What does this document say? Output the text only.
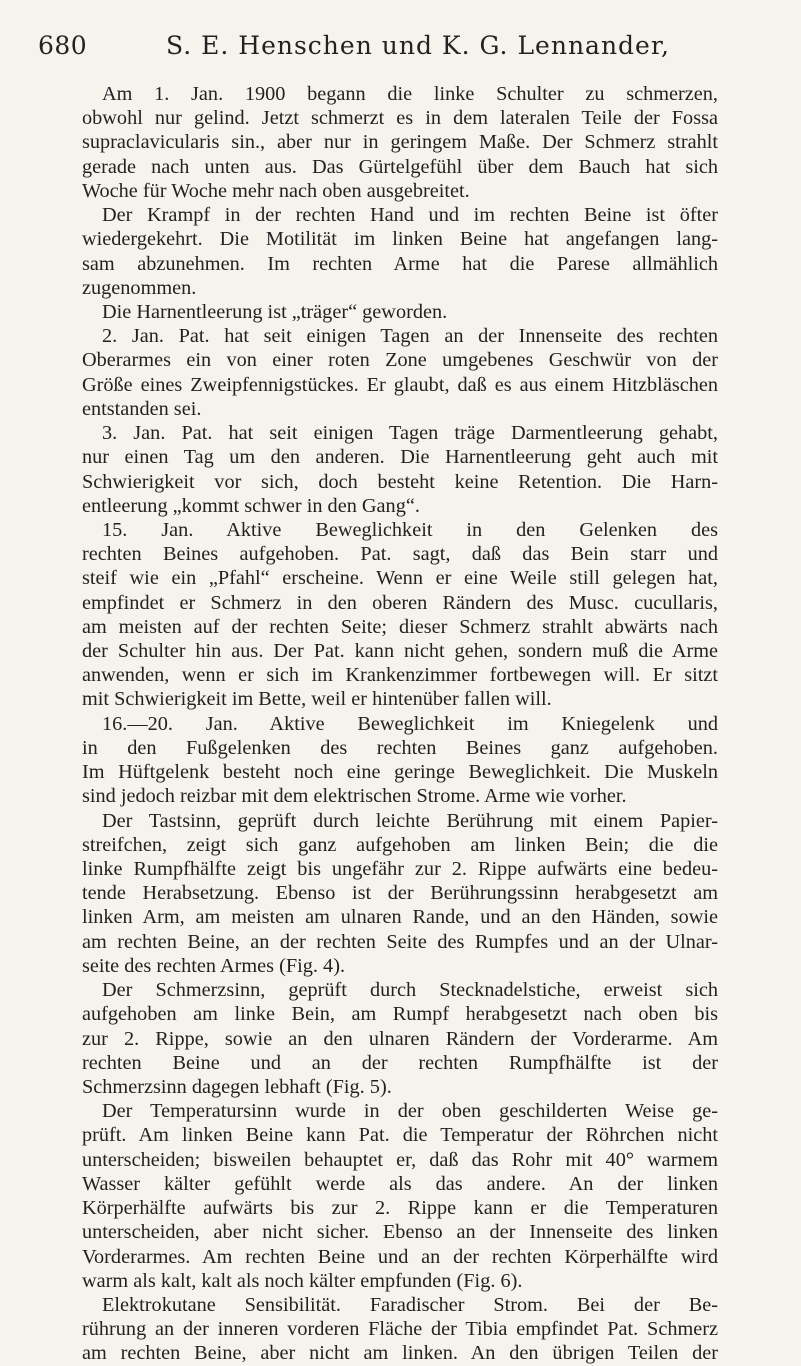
680	S. E. Henschen und K. G. Lennander,
Am 1. Jan. 1900 begann die linke Schulter zu schmerzen,
obwohl nur gelind. Jetzt schmerzt es in dem lateralen Teile der Fossa
supraclavicularis sin., aber nur in geringem Maße. Der Schmerz strahlt
gerade nach unten aus. Das Gürtelgefühl über dem Bauch hat sich
Woche für Woche mehr nach oben ausgebreitet.
Der Krampf in der rechten Hand und im rechten Beine ist öfter
wiedergekehrt. Die Motilität im linken Beine hat angefangen lang-
sam abzunehmen. Im rechten Arme hat die Parese allmählich
zugenommen.
Die Harnentleerung ist „träger“ geworden.
2. Jan. Pat. hat seit einigen Tagen an der Innenseite des rechten
Oberarmes ein von einer roten Zone umgebenes Geschwür von der
Größe eines Zweipfennigstückes. Er glaubt, daß es aus einem Hitzbläschen
entstanden sei.
3. Jan. Pat. hat seit einigen Tagen träge Darmentleerung gehabt,
nur einen Tag um den anderen. Die Harnentleerung geht auch mit
Schwierigkeit vor sich, doch besteht keine Retention. Die Harn-
entleerung „kommt schwer in den Gang“.
15. Jan. Aktive Beweglichkeit in den Gelenken des
rechten Beines aufgehoben. Pat. sagt, daß das Bein starr und
steif wie ein „Pfahl“ erscheine. Wenn er eine Weile still gelegen hat,
empfindet er Schmerz in den oberen Rändern des Musc. cucullaris,
am meisten auf der rechten Seite; dieser Schmerz strahlt abwärts nach
der Schulter hin aus. Der Pat. kann nicht gehen, sondern muß die Arme
anwenden, wenn er sich im Krankenzimmer fortbewegen will. Er sitzt
mit Schwierigkeit im Bette, weil er hintenüber fallen will.
16.—20. Jan. Aktive Beweglichkeit im Kniegelenk und
in den Fußgelenken des rechten Beines ganz aufgehoben.
Im Hüftgelenk besteht noch eine geringe Beweglichkeit. Die Muskeln
sind jedoch reizbar mit dem elektrischen Strome. Arme wie vorher.
Der Tastsinn, geprüft durch leichte Berührung mit einem Papier-
streifchen, zeigt sich ganz aufgehoben am linken Bein; die die
linke Rumpfhälfte zeigt bis ungefähr zur 2. Rippe aufwärts eine bedeu-
tende Herabsetzung. Ebenso ist der Berührungssinn herabgesetzt am
linken Arm, am meisten am ulnaren Rande, und an den Händen, sowie
am rechten Beine, an der rechten Seite des Rumpfes und an der Ulnar-
seite des rechten Armes (Fig. 4).
Der Schmerzsinn, geprüft durch Stecknadelstiche, erweist sich
aufgehoben am linke Bein, am Rumpf herabgesetzt nach oben bis
zur 2. Rippe, sowie an den ulnaren Rändern der Vorderarme. Am
rechten Beine und an der rechten Rumpfhälfte ist der
Schmerzsinn dagegen lebhaft (Fig. 5).
Der Temperatursinn wurde in der oben geschilderten Weise ge-
prüft. Am linken Beine kann Pat. die Temperatur der Röhrchen nicht
unterscheiden; bisweilen behauptet er, daß das Rohr mit 40° warmem
Wasser kälter gefühlt werde als das andere. An der linken
Körperhälfte aufwärts bis zur 2. Rippe kann er die Temperaturen
unterscheiden, aber nicht sicher. Ebenso an der Innenseite des linken
Vorderarmes. Am rechten Beine und an der rechten Körperhälfte wird
warm als kalt, kalt als noch kälter empfunden (Fig. 6).
Elektrokutane Sensibilität. Faradischer Strom. Bei der Be-
rührung an der inneren vorderen Fläche der Tibia empfindet Pat. Schmerz
am rechten Beine, aber nicht am linken. An den übrigen Teilen der
